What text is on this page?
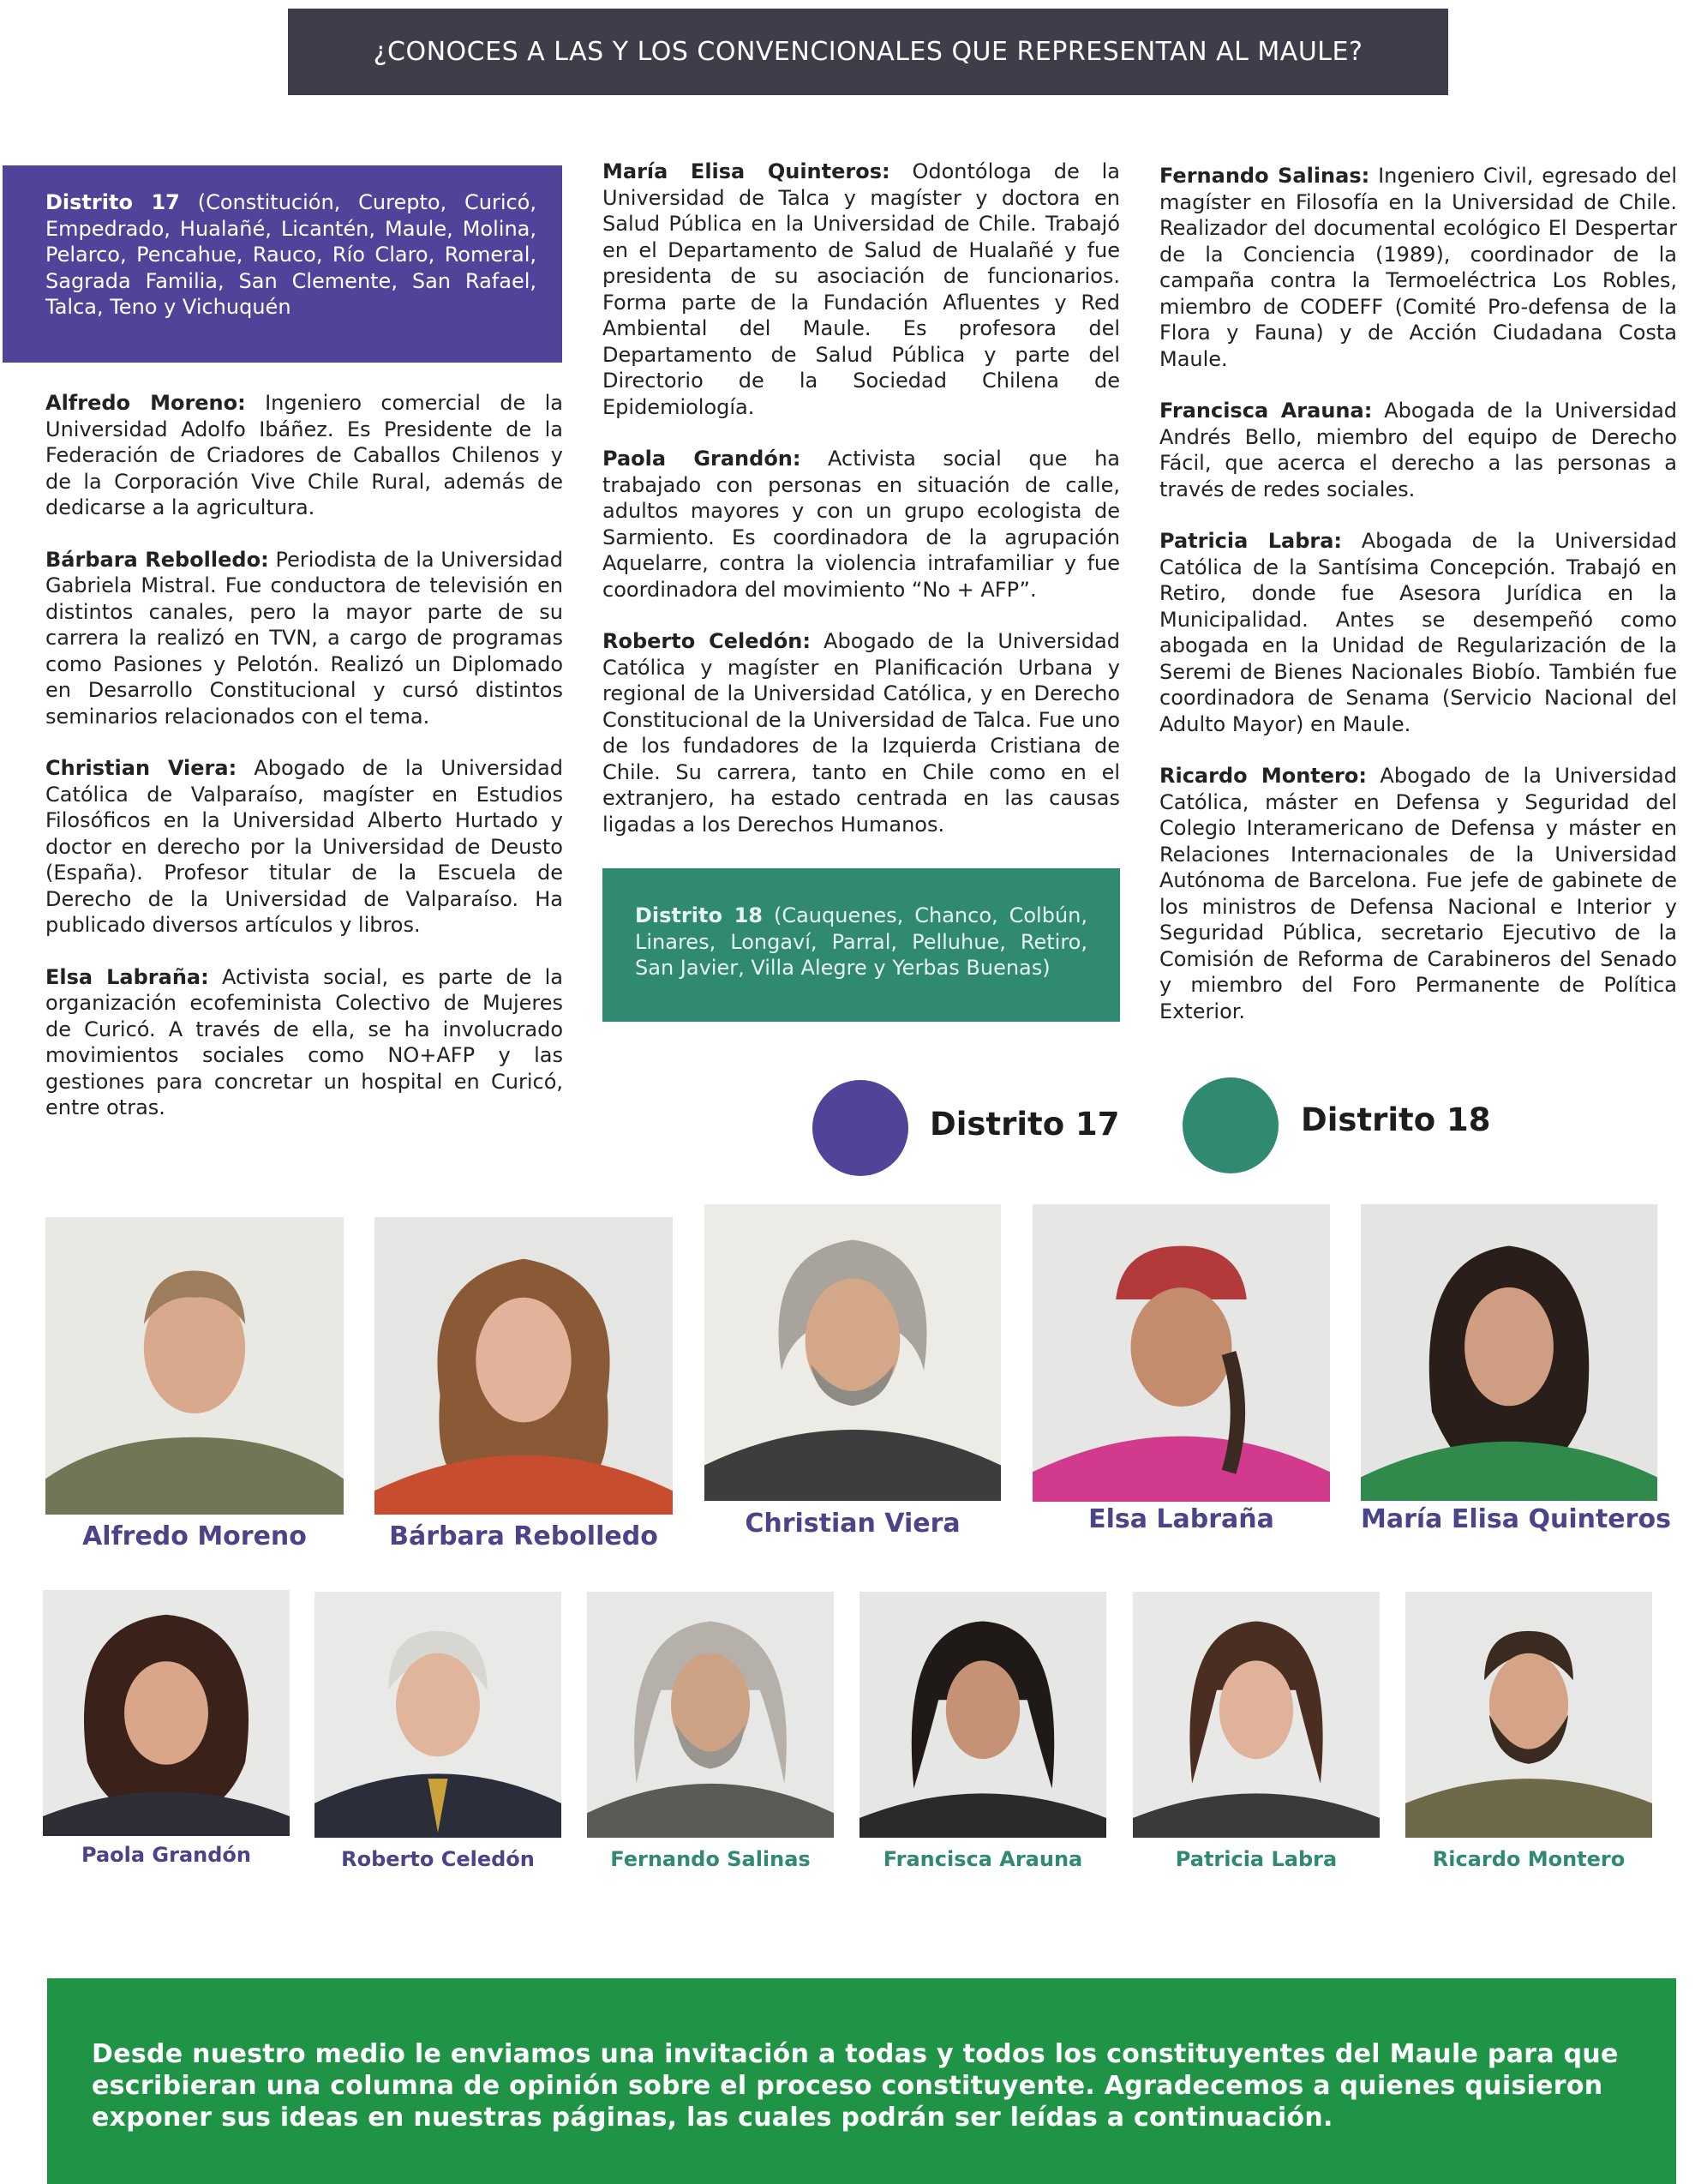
¿CONOCES A LAS Y LOS CONVENCIONALES QUE REPRESENTAN AL MAULE?
Distrito 17 (Constitución, Curepto, Curicó, Empedrado, Hualañé, Licantén, Maule, Molina, Pelarco, Pencahue, Rauco, Río Claro, Romeral, Sagrada Familia, San Clemente, San Rafael, Talca, Teno y Vichuquén

Alfredo Moreno: Ingeniero comercial de la Universidad Adolfo Ibáñez. Es Presidente de la Federación de Criadores de Caballos Chilenos y de la Corporación Vive Chile Rural, además de dedicarse a la agricultura.

Bárbara Rebolledo: Periodista de la Universidad Gabriela Mistral. Fue conductora de televisión en distintos canales, pero la mayor parte de su carrera la realizó en TVN, a cargo de programas como Pasiones y Pelotón. Realizó un Diplomado en Desarrollo Constitucional y cursó distintos seminarios relacionados con el tema.

Christian Viera: Abogado de la Universidad Católica de Valparaíso, magíster en Estudios Filosóficos en la Universidad Alberto Hurtado y doctor en derecho por la Universidad de Deusto (España). Profesor titular de la Escuela de Derecho de la Universidad de Valparaíso. Ha publicado diversos artículos y libros.

Elsa Labraña: Activista social, es parte de la organización ecofeminista Colectivo de Mujeres de Curicó. A través de ella, se ha involucrado movimientos sociales como NO+AFP y las gestiones para concretar un hospital en Curicó, entre otras.

María Elisa Quinteros: Odontóloga de la Universidad de Talca y magíster y doctora en Salud Pública en la Universidad de Chile. Trabajó en el Departamento de Salud de Hualañé y fue presidenta de su asociación de funcionarios. Forma parte de la Fundación Afluentes y Red Ambiental del Maule. Es profesora del Departamento de Salud Pública y parte del Directorio de la Sociedad Chilena de Epidemiología.

Paola Grandón: Activista social que ha trabajado con personas en situación de calle, adultos mayores y con un grupo ecologista de Sarmiento. Es coordinadora de la agrupación Aquelarre, contra la violencia intrafamiliar y fue coordinadora del movimiento “No + AFP”.

Roberto Celedón: Abogado de la Universidad Católica y magíster en Planificación Urbana y regional de la Universidad Católica, y en Derecho Constitucional de la Universidad de Talca. Fue uno de los fundadores de la Izquierda Cristiana de Chile. Su carrera, tanto en Chile como en el extranjero, ha estado centrada en las causas ligadas a los Derechos Humanos.

Distrito 18 (Cauquenes, Chanco, Colbún, Linares, Longaví, Parral, Pelluhue, Retiro, San Javier, Villa Alegre y Yerbas Buenas)

Fernando Salinas: Ingeniero Civil, egresado del magíster en Filosofía en la Universidad de Chile. Realizador del documental ecológico El Despertar de la Conciencia (1989), coordinador de la campaña contra la Termoeléctrica Los Robles, miembro de CODEFF (Comité Pro-defensa de la Flora y Fauna) y de Acción Ciudadana Costa Maule.

Francisca Arauna: Abogada de la Universidad Andrés Bello, miembro del equipo de Derecho Fácil, que acerca el derecho a las personas a través de redes sociales.

Patricia Labra: Abogada de la Universidad Católica de la Santísima Concepción. Trabajó en Retiro, donde fue Asesora Jurídica en la Municipalidad. Antes se desempeñó como abogada en la Unidad de Regularización de la Seremi de Bienes Nacionales Biobío. También fue coordinadora de Senama (Servicio Nacional del Adulto Mayor) en Maule.

Ricardo Montero: Abogado de la Universidad Católica, máster en Defensa y Seguridad del Colegio Interamericano de Defensa y máster en Relaciones Internacionales de la Universidad Autónoma de Barcelona. Fue jefe de gabinete de los ministros de Defensa Nacional e Interior y Seguridad Pública, secretario Ejecutivo de la Comisión de Reforma de Carabineros del Senado y miembro del Foro Permanente de Política Exterior.

Distrito 17	Distrito 18
Alfredo Moreno	Bárbara Rebolledo	Christian Viera	Elsa Labraña	María Elisa Quinteros
Paola Grandón	Roberto Celedón	Fernando Salinas	Francisca Arauna	Patricia Labra	Ricardo Montero
Desde nuestro medio le enviamos una invitación a todas y todos los constituyentes del Maule para que escribieran una columna de opinión sobre el proceso constituyente. Agradecemos a quienes quisieron exponer sus ideas en nuestras páginas, las cuales podrán ser leídas a continuación.
